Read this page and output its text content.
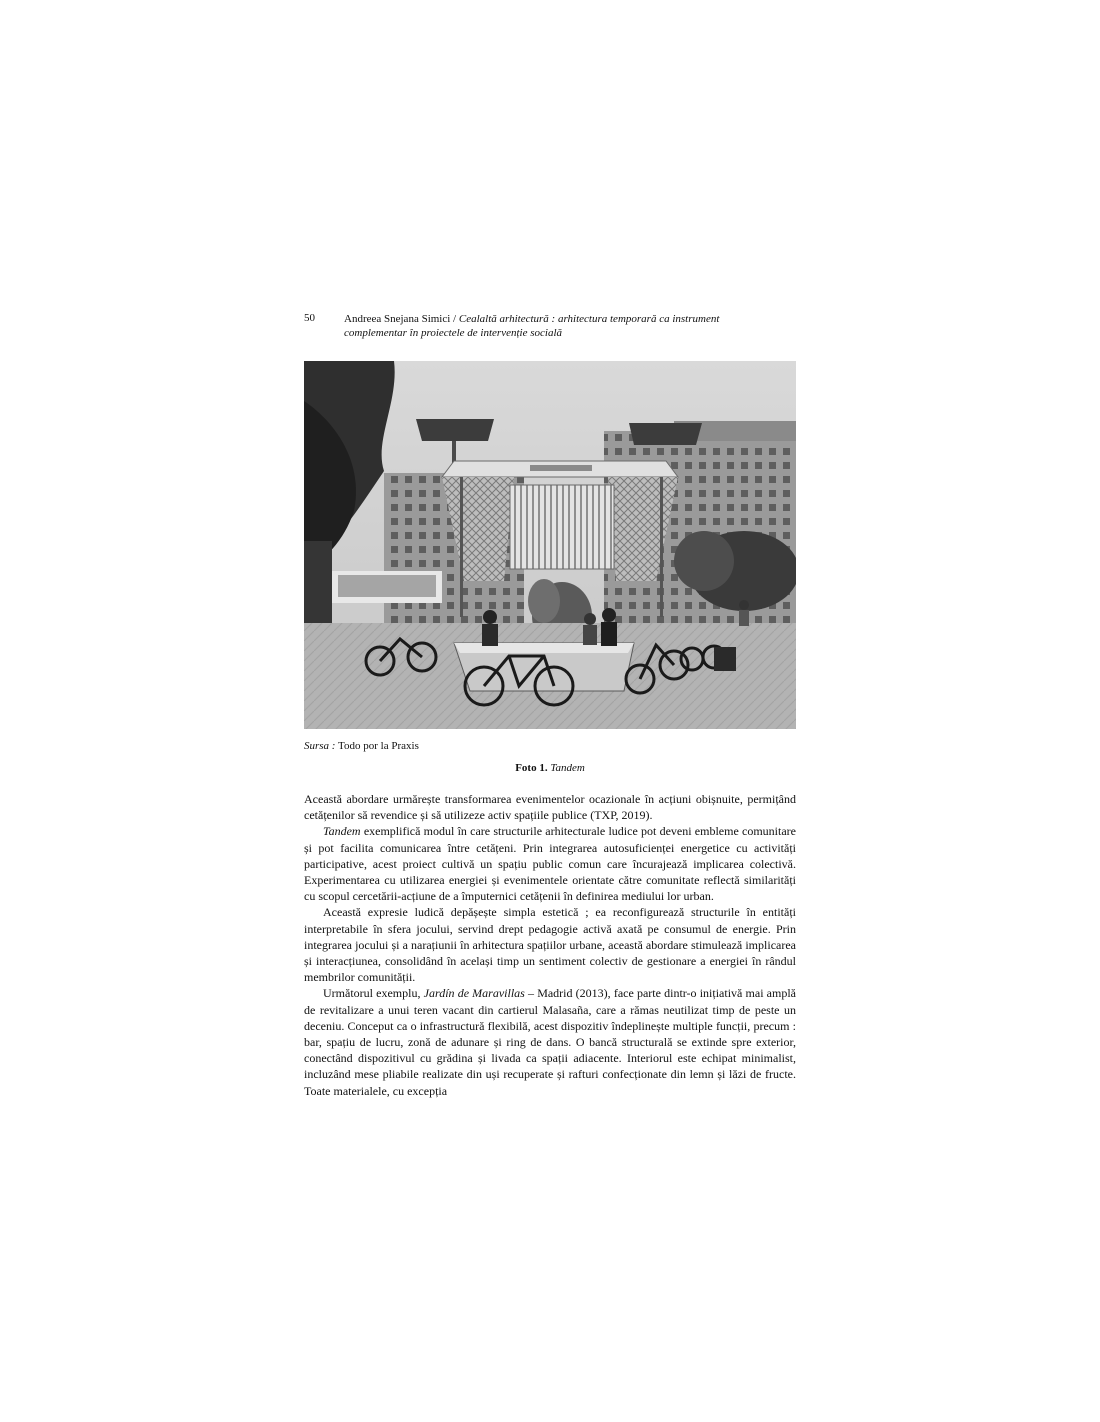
50	Andreea Snejana Simici / Cealaltă arhitectură : arhitectura temporară ca instrument
complementar în proiectele de intervenție socială
Sursa : Todo por la Praxis
Foto 1. Tandem

Această abordare urmărește transformarea evenimentelor ocazionale în acțiuni obișnuite, permițând cetățenilor să revendice și să utilizeze activ spațiile publice (TXP, 2019).

Tandem exemplifică modul în care structurile arhitecturale ludice pot deveni embleme comunitare și pot facilita comunicarea între cetățeni. Prin integrarea autosuficienței energetice cu activități participative, acest proiect cultivă un spațiu public comun care încurajează implicarea colectivă. Experimentarea cu utilizarea energiei și evenimentele orientate către comunitate reflectă similarități cu scopul cercetării-acțiune de a împuternici cetățenii în definirea mediului lor urban.

Această expresie ludică depășește simpla estetică ; ea reconfigurează structurile în entități interpretabile în sfera jocului, servind drept pedagogie activă axată pe consumul de energie. Prin integrarea jocului și a narațiunii în arhitectura spațiilor urbane, această abordare stimulează implicarea și interacțiunea, consolidând în același timp un sentiment colectiv de gestionare a energiei în rândul membrilor comunității.

Următorul exemplu, Jardín de Maravillas – Madrid (2013), face parte dintr-o inițiativă mai amplă de revitalizare a unui teren vacant din cartierul Malasaña, care a rămas neutilizat timp de peste un deceniu. Conceput ca o infrastructură flexibilă, acest dispozitiv îndeplinește multiple funcții, precum : bar, spațiu de lucru, zonă de adunare și ring de dans. O bancă structurală se extinde spre exterior, conectând dispozitivul cu grădina și livada ca spații adiacente. Interiorul este echipat minimalist, incluzând mese pliabile realizate din uși recuperate și rafturi confecționate din lemn și lăzi de fructe. Toate materialele, cu excepția
